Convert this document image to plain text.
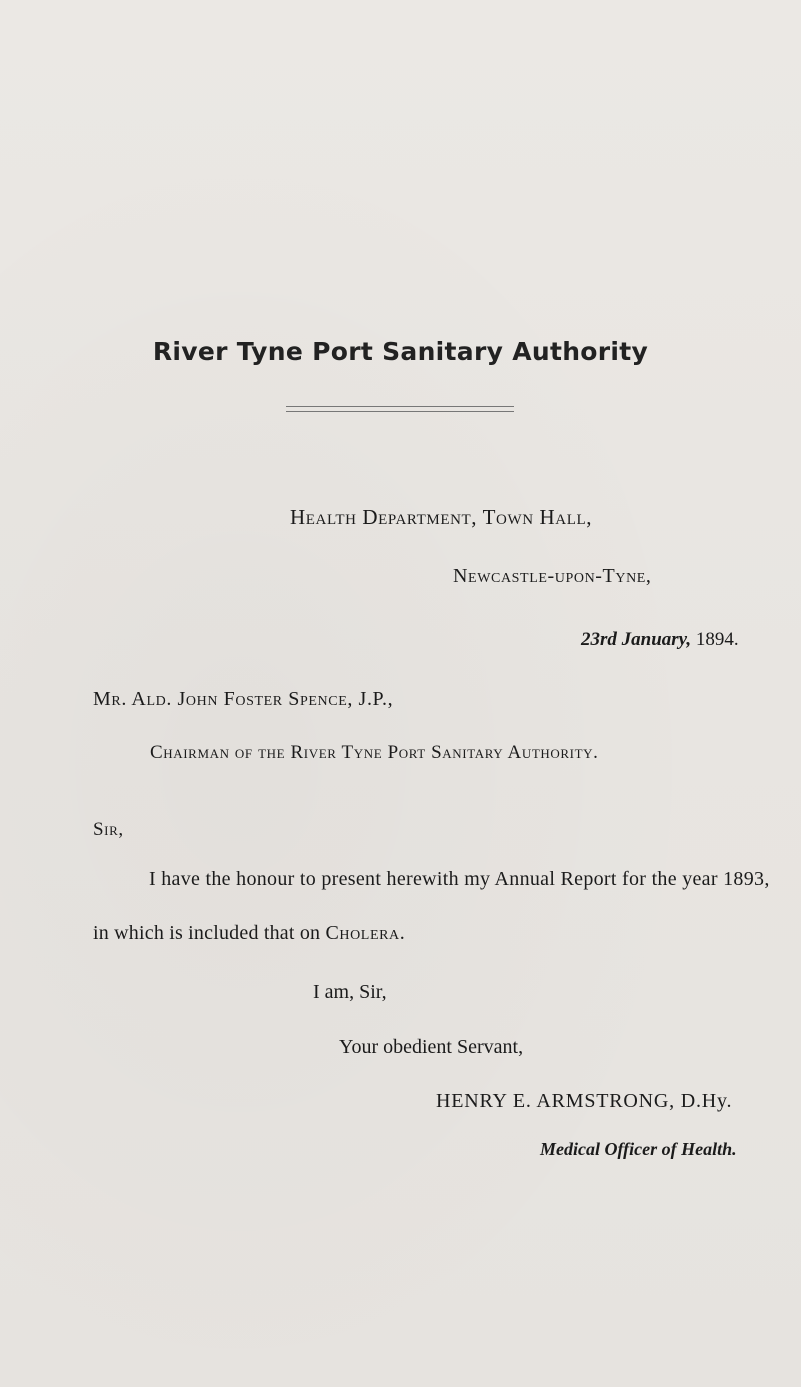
River Tyne Port Sanitary Authority
Health Department, Town Hall,
Newcastle-upon-Tyne,
23rd January, 1894.
Mr. Ald. John Foster Spence, J.P.,
Chairman of the River Tyne Port Sanitary Authority.
Sir,
I have the honour to present herewith my Annual Report for the year 1893,
in which is included that on Cholera.
I am, Sir,
Your obedient Servant,
HENRY E. ARMSTRONG, D.Hy.
Medical Officer of Health.
